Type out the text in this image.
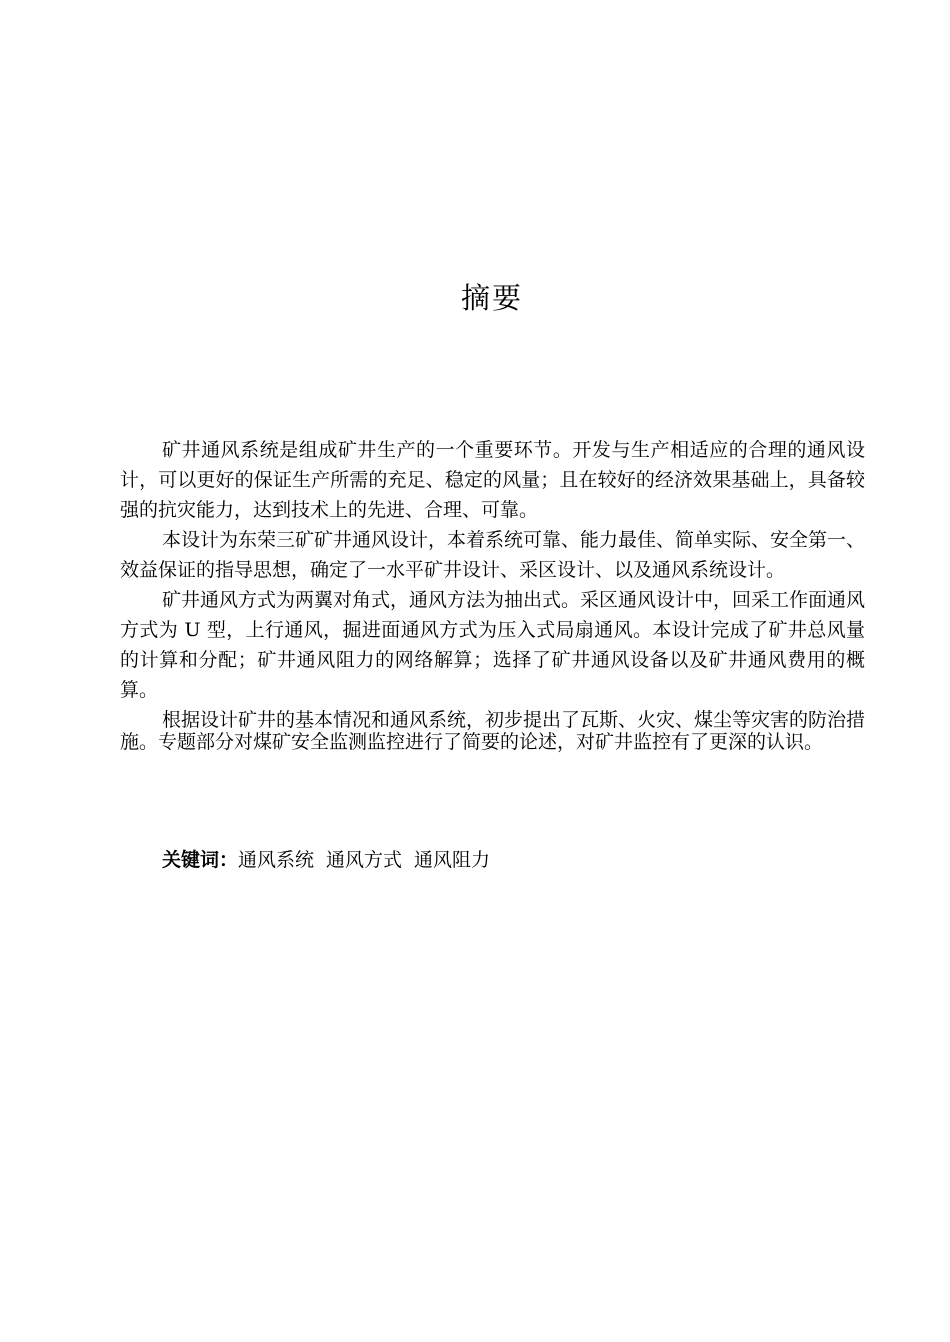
摘要

矿井通风系统是组成矿井生产的一个重要环节。开发与生产相适应的合理的通风设计，可以更好的保证生产所需的充足、稳定的风量；且在较好的经济效果基础上，具备较强的抗灾能力，达到技术上的先进、合理、可靠。

本设计为东荣三矿矿井通风设计，本着系统可靠、能力最佳、简单实际、安全第一、效益保证的指导思想，确定了一水平矿井设计、采区设计、以及通风系统设计。

矿井通风方式为两翼对角式，通风方法为抽出式。采区通风设计中，回采工作面通风方式为 U 型，上行通风，掘进面通风方式为压入式局扇通风。本设计完成了矿井总风量的计算和分配；矿井通风阻力的网络解算；选择了矿井通风设备以及矿井通风费用的概算。

根据设计矿井的基本情况和通风系统，初步提出了瓦斯、火灾、煤尘等灾害的防治措施。专题部分对煤矿安全监测监控进行了简要的论述，对矿井监控有了更深的认识。

关键词：通风系统 通风方式 通风阻力
